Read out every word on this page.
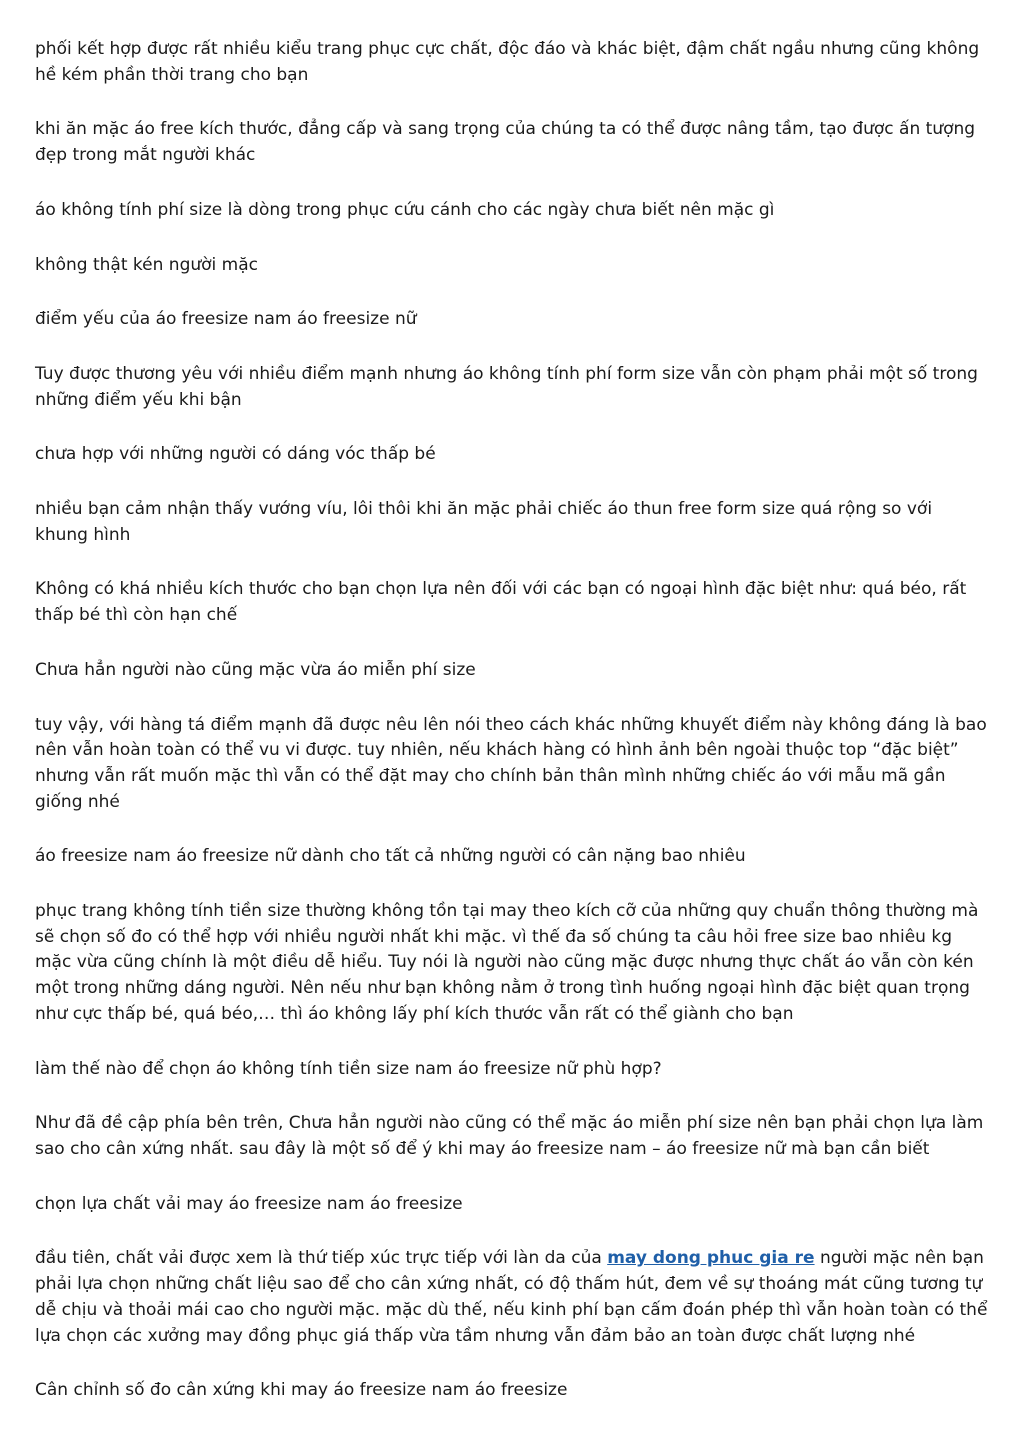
phối kết hợp được rất nhiều kiểu trang phục cực chất, độc đáo và khác biệt, đậm chất ngầu nhưng cũng không hề kém phần thời trang cho bạn

khi ăn mặc áo free kích thước, đẳng cấp và sang trọng của chúng ta có thể được nâng tầm, tạo được ấn tượng đẹp trong mắt người khác

áo không tính phí size là dòng trong phục cứu cánh cho các ngày chưa biết nên mặc gì

không thật kén người mặc

điểm yếu của áo freesize nam áo freesize nữ

Tuy được thương yêu với nhiều điểm mạnh nhưng áo không tính phí form size vẫn còn phạm phải một số trong những điểm yếu khi bận

chưa hợp với những người có dáng vóc thấp bé

nhiều bạn cảm nhận thấy vướng víu, lôi thôi khi ăn mặc phải chiếc áo thun free form size quá rộng so với khung hình

Không có khá nhiều kích thước cho bạn chọn lựa nên đối với các bạn có ngoại hình đặc biệt như: quá béo, rất thấp bé thì còn hạn chế

Chưa hẳn người nào cũng mặc vừa áo miễn phí size

tuy vậy, với hàng tá điểm mạnh đã được nêu lên nói theo cách khác những khuyết điểm này không đáng là bao nên vẫn hoàn toàn có thể vu vi được. tuy nhiên, nếu khách hàng có hình ảnh bên ngoài thuộc top “đặc biệt” nhưng vẫn rất muốn mặc thì vẫn có thể đặt may cho chính bản thân mình những chiếc áo với mẫu mã gần giống nhé

áo freesize nam áo freesize nữ dành cho tất cả những người có cân nặng bao nhiêu

phục trang không tính tiền size thường không tồn tại may theo kích cỡ của những quy chuẩn thông thường mà sẽ chọn số đo có thể hợp với nhiều người nhất khi mặc. vì thế đa số chúng ta câu hỏi free size bao nhiêu kg mặc vừa cũng chính là một điều dễ hiểu. Tuy nói là người nào cũng mặc được nhưng thực chất áo vẫn còn kén một trong những dáng người. Nên nếu như bạn không nằm ở trong tình huống ngoại hình đặc biệt quan trọng như cực thấp bé, quá béo,… thì áo không lấy phí kích thước vẫn rất có thể giành cho bạn

làm thế nào để chọn áo không tính tiền size nam áo freesize nữ phù hợp?

Như đã đề cập phía bên trên, Chưa hẳn người nào cũng có thể mặc áo miễn phí size nên bạn phải chọn lựa làm sao cho cân xứng nhất. sau đây là một số để ý khi may áo freesize nam – áo freesize nữ mà bạn cần biết

chọn lựa chất vải may áo freesize nam áo freesize

đầu tiên, chất vải được xem là thứ tiếp xúc trực tiếp với làn da của may dong phuc gia re người mặc nên bạn phải lựa chọn những chất liệu sao để cho cân xứng nhất, có độ thấm hút, đem về sự thoáng mát cũng tương tự dễ chịu và thoải mái cao cho người mặc. mặc dù thế, nếu kinh phí bạn cấm đoán phép thì vẫn hoàn toàn có thể lựa chọn các xưởng may đồng phục giá thấp vừa tầm nhưng vẫn đảm bảo an toàn được chất lượng nhé

Cân chỉnh số đo cân xứng khi may áo freesize nam áo freesize
